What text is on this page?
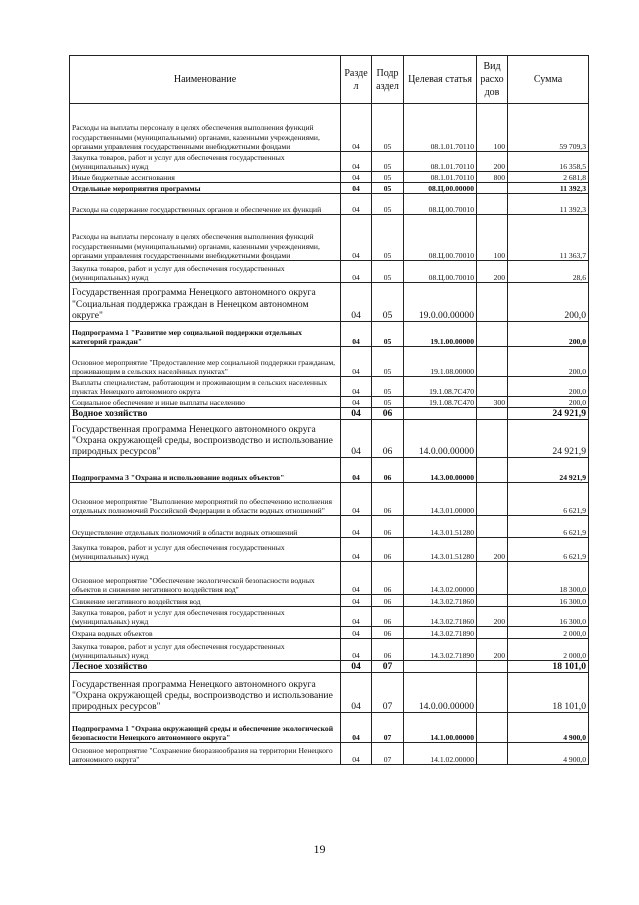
Наименование	Разде л	Подр аздел	Целевая статья	Вид расхо дов	Сумма
Расходы на выплаты персоналу в целях обеспечения выполнения функций государственными (муниципальными) органами, казенными учреждениями, органами управления государственными внебюджетными фондами	04	05	08.1.01.70110	100	59 709,3
Закупка товаров, работ и услуг для обеспечения государственных (муниципальных) нужд	04	05	08.1.01.70110	200	16 358,5
Иные бюджетные ассигнования	04	05	08.1.01.70110	800	2 681,8
Отдельные мероприятия программы	04	05	08.Ц.00.00000		11 392,3
Расходы на содержание государственных органов и обеспечение их функций	04	05	08.Ц.00.70010		11 392,3
Расходы на выплаты персоналу в целях обеспечения выполнения функций государственными (муниципальными) органами, казенными учреждениями, органами управления государственными внебюджетными фондами	04	05	08.Ц.00.70010	100	11 363,7
Закупка товаров, работ и услуг для обеспечения государственных (муниципальных) нужд	04	05	08.Ц.00.70010	200	28,6
Государственная программа Ненецкого автономного округа "Социальная поддержка граждан в Ненецком автономном округе"	04	05	19.0.00.00000		200,0
Подпрограмма 1 "Развитие мер социальной поддержки отдельных категорий граждан"	04	05	19.1.00.00000		200,0
Основное мероприятие "Предоставление мер социальной поддержки гражданам, проживающим в сельских населённых пунктах"	04	05	19.1.08.00000		200,0
Выплаты специалистам, работающим и проживающим в сельских населенных пунктах Ненецкого автономного округа	04	05	19.1.08.7С470		200,0
Социальное обеспечение и иные выплаты населению	04	05	19.1.08.7С470	300	200,0
Водное хозяйство	04	06			24 921,9
Государственная программа Ненецкого автономного округа "Охрана окружающей среды, воспроизводство и использование природных ресурсов"	04	06	14.0.00.00000		24 921,9
Подпрограмма 3 "Охрана и использование водных объектов"	04	06	14.3.00.00000		24 921,9
Основное мероприятие "Выполнение мероприятий по обеспечению исполнения отдельных полномочий Российской Федерации в области водных отношений"	04	06	14.3.01.00000		6 621,9
Осуществление отдельных полномочий в области водных отношений	04	06	14.3.01.51280		6 621,9
Закупка товаров, работ и услуг для обеспечения государственных (муниципальных) нужд	04	06	14.3.01.51280	200	6 621,9
Основное мероприятие "Обеспечение экологической безопасности водных объектов и снижение негативного воздействия вод"	04	06	14.3.02.00000		18 300,0
Снижение негативного воздействия вод	04	06	14.3.02.71860		16 300,0
Закупка товаров, работ и услуг для обеспечения государственных (муниципальных) нужд	04	06	14.3.02.71860	200	16 300,0
Охрана водных объектов	04	06	14.3.02.71890		2 000,0
Закупка товаров, работ и услуг для обеспечения государственных (муниципальных) нужд	04	06	14.3.02.71890	200	2 000,0
Лесное хозяйство	04	07			18 101,0
Государственная программа Ненецкого автономного округа "Охрана окружающей среды, воспроизводство и использование природных ресурсов"	04	07	14.0.00.00000		18 101,0
Подпрограмма 1 "Охрана окружающей среды и обеспечение экологической безопасности Ненецкого автономного округа"	04	07	14.1.00.00000		4 900,0
Основное мероприятие "Сохранение биоразнообразия на территории Ненецкого автономного округа"	04	07	14.1.02.00000		4 900,0
19
